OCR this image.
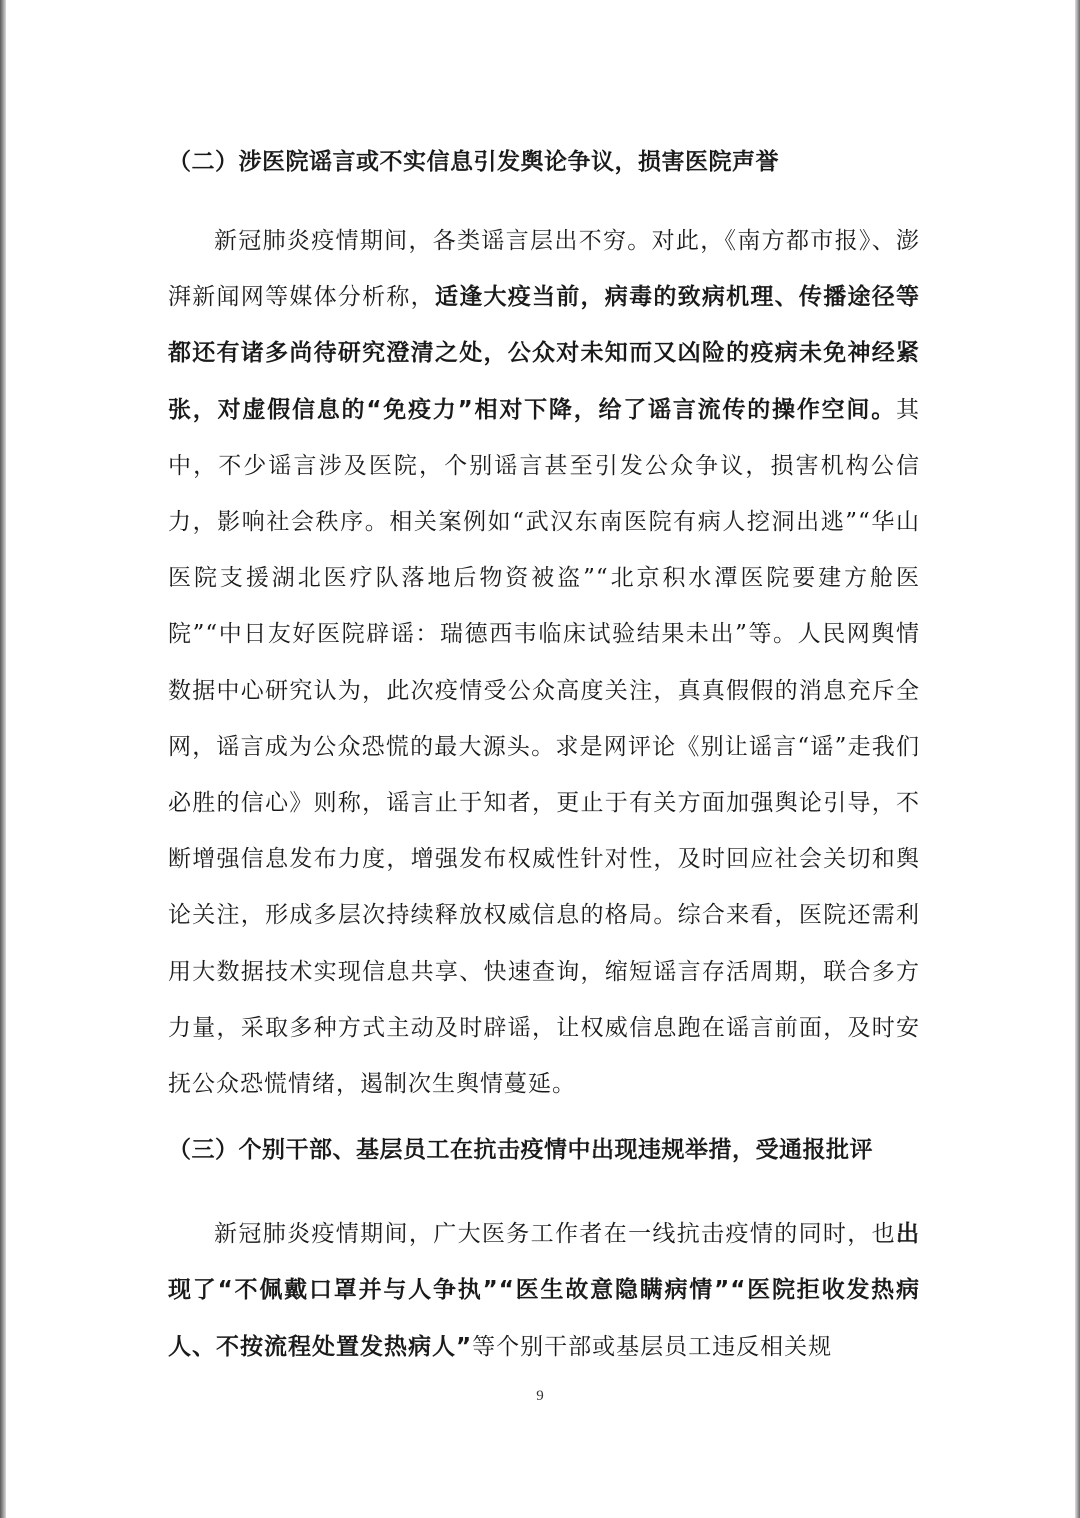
（二）涉医院谣言或不实信息引发舆论争议，损害医院声誉

新冠肺炎疫情期间，各类谣言层出不穷。对此，《南方都市报》、澎湃新闻网等媒体分析称，适逢大疫当前，病毒的致病机理、传播途径等都还有诸多尚待研究澄清之处，公众对未知而又凶险的疫病未免神经紧张，对虚假信息的“免疫力”相对下降，给了谣言流传的操作空间。其中，不少谣言涉及医院，个别谣言甚至引发公众争议，损害机构公信力，影响社会秩序。相关案例如“武汉东南医院有病人挖洞出逃”“华山医院支援湖北医疗队落地后物资被盗”“北京积水潭医院要建方舱医院”“中日友好医院辟谣：瑞德西韦临床试验结果未出”等。人民网舆情数据中心研究认为，此次疫情受公众高度关注，真真假假的消息充斥全网，谣言成为公众恐慌的最大源头。求是网评论《别让谣言“谣”走我们必胜的信心》则称，谣言止于知者，更止于有关方面加强舆论引导，不断增强信息发布力度，增强发布权威性针对性，及时回应社会关切和舆论关注，形成多层次持续释放权威信息的格局。综合来看，医院还需利用大数据技术实现信息共享、快速查询，缩短谣言存活周期，联合多方力量，采取多种方式主动及时辟谣，让权威信息跑在谣言前面，及时安抚公众恐慌情绪，遏制次生舆情蔓延。

（三）个别干部、基层员工在抗击疫情中出现违规举措，受通报批评

新冠肺炎疫情期间，广大医务工作者在一线抗击疫情的同时，也出现了“不佩戴口罩并与人争执”“医生故意隐瞒病情”“医院拒收发热病人、不按流程处置发热病人”等个别干部或基层员工违反相关规

9
